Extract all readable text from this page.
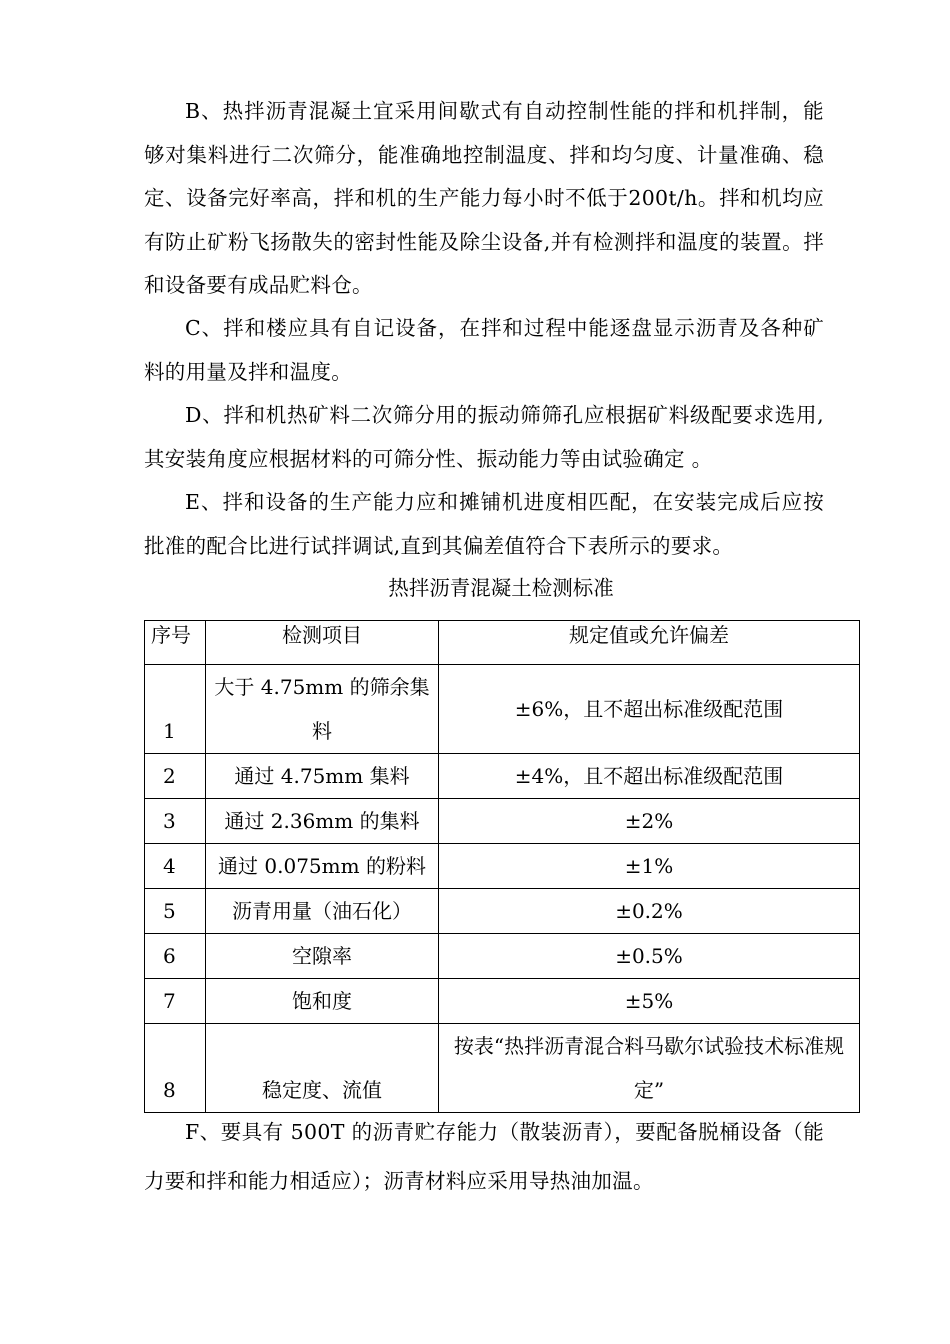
B、热拌沥青混凝土宜采用间歇式有自动控制性能的拌和机拌制，能够对集料进行二次筛分，能准确地控制温度、拌和均匀度、计量准确、稳定、设备完好率高，拌和机的生产能力每小时不低于200t/h。拌和机均应有防止矿粉飞扬散失的密封性能及除尘设备,并有检测拌和温度的装置。拌和设备要有成品贮料仓。

C、拌和楼应具有自记设备，在拌和过程中能逐盘显示沥青及各种矿料的用量及拌和温度。

D、拌和机热矿料二次筛分用的振动筛筛孔应根据矿料级配要求选用,其安装角度应根据材料的可筛分性、振动能力等由试验确定 。

E、拌和设备的生产能力应和摊铺机进度相匹配，在安装完成后应按批准的配合比进行试拌调试,直到其偏差值符合下表所示的要求。

热拌沥青混凝土检测标准
序号	检测项目	规定值或允许偏差
1	大于 4.75mm 的筛余集料	±6%，且不超出标准级配范围
2	通过 4.75mm 集料	±4%，且不超出标准级配范围
3	通过 2.36mm 的集料	±2%
4	通过 0.075mm 的粉料	±1%
5	沥青用量（油石化）	±0.2%
6	空隙率	±0.5%
7	饱和度	±5%
8	稳定度、流值	按表“热拌沥青混合料马歇尔试验技术标准规定”

F、要具有 500T 的沥青贮存能力（散装沥青），要配备脱桶设备（能力要和拌和能力相适应）；沥青材料应采用导热油加温。
